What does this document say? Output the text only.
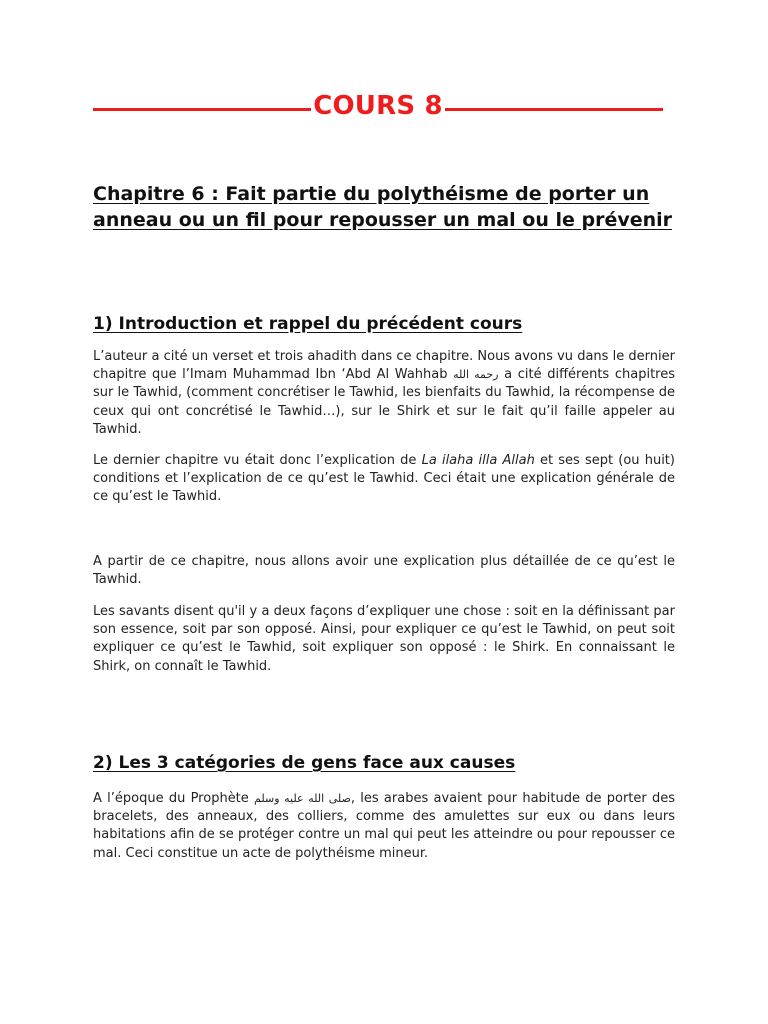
COURS 8
Chapitre 6 : Fait partie du polythéisme de porter un anneau ou un fil pour repousser un mal ou le prévenir
1) Introduction et rappel du précédent cours

L’auteur a cité un verset et trois ahadith dans ce chapitre. Nous avons vu dans le dernier chapitre que l’Imam Muhammad Ibn ‘Abd Al Wahhab رحمه الله a cité différents chapitres sur le Tawhid, (comment concrétiser le Tawhid, les bienfaits du Tawhid, la récompense de ceux qui ont concrétisé le Tawhid…), sur le Shirk et sur le fait qu’il faille appeler au Tawhid.

Le dernier chapitre vu était donc l’explication de La ilaha illa Allah et ses sept (ou huit) conditions et l’explication de ce qu’est le Tawhid. Ceci était une explication générale de ce qu’est le Tawhid.

A partir de ce chapitre, nous allons avoir une explication plus détaillée de ce qu’est le Tawhid.

Les savants disent qu'il y a deux façons d’expliquer une chose : soit en la définissant par son essence, soit par son opposé. Ainsi, pour expliquer ce qu’est le Tawhid, on peut soit expliquer ce qu’est le Tawhid, soit expliquer son opposé : le Shirk. En connaissant le Shirk, on connaît le Tawhid.

2) Les 3 catégories de gens face aux causes

A l’époque du Prophète صلى الله عليه وسلم, les arabes avaient pour habitude de porter des bracelets, des anneaux, des colliers, comme des amulettes sur eux ou dans leurs habitations afin de se protéger contre un mal qui peut les atteindre ou pour repousser ce mal. Ceci constitue un acte de polythéisme mineur.
